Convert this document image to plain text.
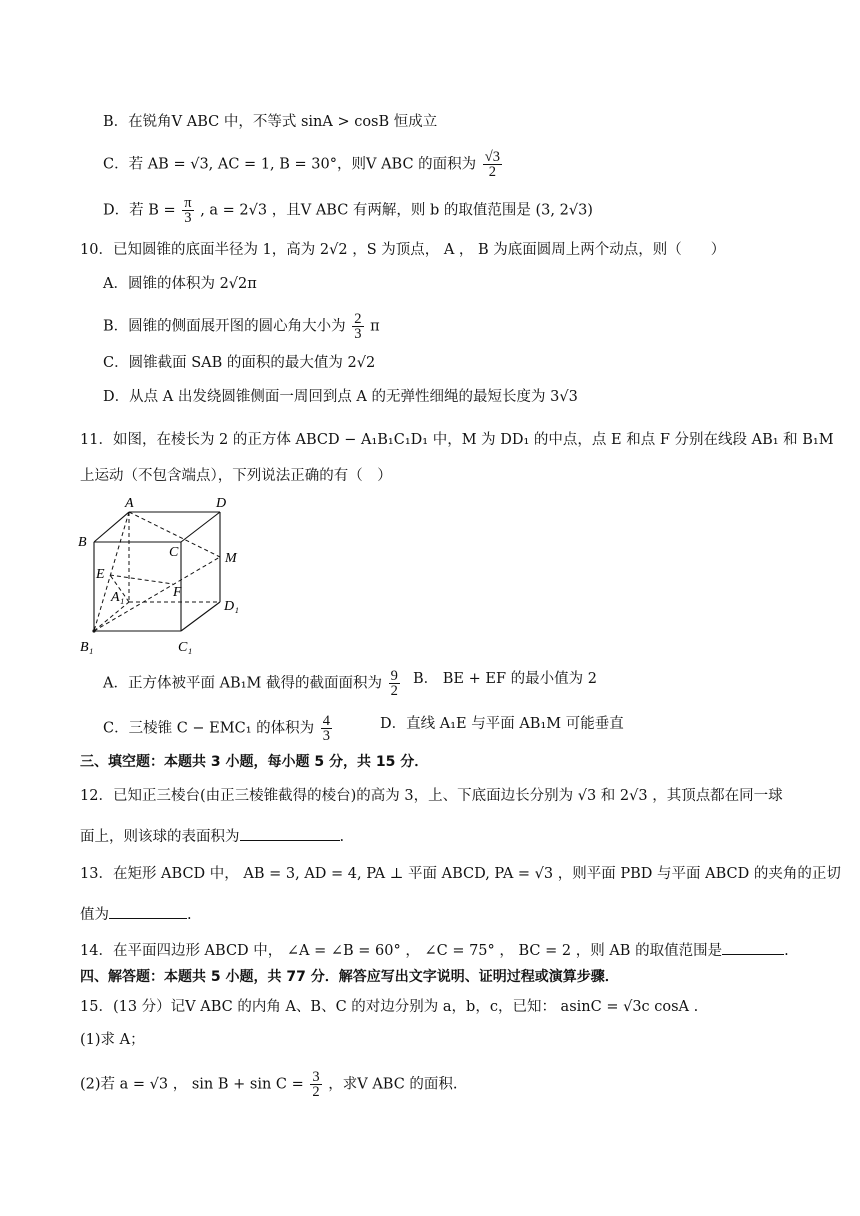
B．在锐角V ABC 中，不等式 sinA > cosB 恒成立
C．若 AB = √3, AC = 1, B = 30°，则V ABC 的面积为 $\frac{√3}{2}$
D．若 $B = \frac{\pi}{3}$ , a = 2√3 ，且V ABC 有两解，则 b 的取值范围是 (3, 2√3)
10．已知圆锥的底面半径为 1，高为 2√2 ，S 为顶点， A ， B 为底面圆周上两个动点，则（　　）
A．圆锥的体积为 2√2π
B．圆锥的侧面展开图的圆心角大小为 $\frac{2}{3}$ π
C．圆锥截面 SAB 的面积的最大值为 2√2
D．从点 A 出发绕圆锥侧面一周回到点 A 的无弹性细绳的最短长度为 3√3
11．如图，在棱长为 2 的正方体 ABCD − A₁B₁C₁D₁ 中，M 为 DD₁ 的中点，点 E 和点 F 分别在线段 AB₁ 和 B₁M
上运动（不包含端点），下列说法正确的有（　）
A	D
B
C	M
E
A₁	F
D₁
B₁	C₁
A．正方体被平面 AB₁M 截得的截面面积为 $\frac{9}{2}$ B． BE + EF 的最小值为 2
C．三棱锥 C − EMC₁ 的体积为 $\frac{4}{3}$	D．直线 A₁E 与平面 AB₁M 可能垂直
三、填空题：本题共 3 小题，每小题 5 分，共 15 分．
12．已知正三棱台(由正三棱锥截得的棱台)的高为 3，上、下底面边长分别为 √3 和 2√3 ，其顶点都在同一球
面上，则该球的表面积为	.
13．在矩形 ABCD 中， AB = 3, AD = 4, PA ⊥ 平面 ABCD, PA = √3 ，则平面 PBD 与平面 ABCD 的夹角的正切
值为	.
14．在平面四边形 ABCD 中， ∠A = ∠B = 60° ， ∠C = 75° ， BC = 2 ，则 AB 的取值范围是	.
四、解答题：本题共 5 小题，共 77 分．解答应写出文字说明、证明过程或演算步骤．
15．(13 分）记V ABC 的内角 A、B、C 的对边分别为 a，b，c，已知： asinC = √3c cosA .
(1)求 A；
(2)若 a = √3 ， $\sin B + \sin C = \frac{3}{2}$ ，求V ABC 的面积.
